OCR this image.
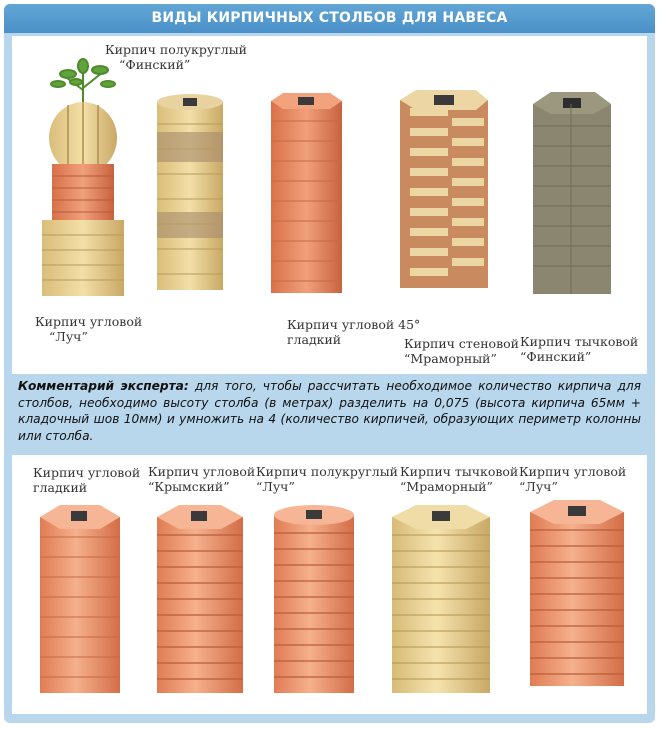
ВИДЫ КИРПИЧНЫХ СТОЛБОВ ДЛЯ НАВЕСА
Кирпич полукруглый
“Финский”
Кирпич угловой
“Луч”
Кирпич угловой 45°
гладкий	Кирпич стеновой
“Мраморный”
Кирпич тычковой
“Финский”
Комментарий эксперта: для того, чтобы рассчитать необходимое количество кирпича для столбов, необходимо высоту столба (в метрах) разделить на 0,075 (высота кирпича 65мм + кладочный шов 10мм) и умножить на 4 (количество кирпичей, образующих периметр колонны или столба.
Кирпич угловой
гладкий
Кирпич угловой
“Крымский”
Кирпич полукруглый
“Луч”
Кирпич тычковой
“Мраморный”
Кирпич угловой
“Луч”
